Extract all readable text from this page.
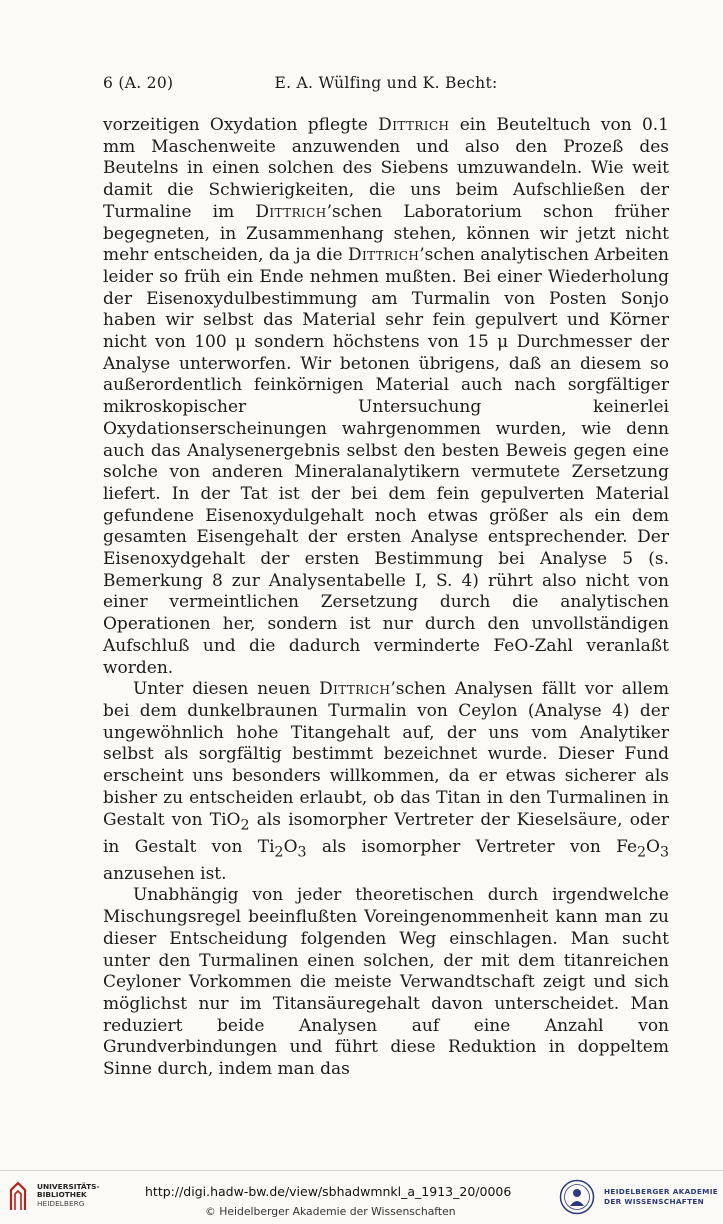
6 (A. 20)	E. A. Wülfing und K. Becht:

vorzeitigen Oxydation pflegte Dittrich ein Beuteltuch von 0.1 mm Maschenweite anzuwenden und also den Prozeß des Beutelns in einen solchen des Siebens umzuwandeln. Wie weit damit die Schwierigkeiten, die uns beim Aufschließen der Turmaline im Dittrich’schen Laboratorium schon früher begegneten, in Zusammenhang stehen, können wir jetzt nicht mehr entscheiden, da ja die Dittrich’schen analytischen Arbeiten leider so früh ein Ende nehmen mußten. Bei einer Wiederholung der Eisenoxydulbestimmung am Turmalin von Posten Sonjo haben wir selbst das Material sehr fein gepulvert und Körner nicht von 100 μ sondern höchstens von 15 μ Durchmesser der Analyse unterworfen. Wir betonen übrigens, daß an diesem so außerordentlich feinkörnigen Material auch nach sorgfältiger mikroskopischer Untersuchung keinerlei Oxydationserscheinungen wahrgenommen wurden, wie denn auch das Analysenergebnis selbst den besten Beweis gegen eine solche von anderen Mineralanalytikern vermutete Zersetzung liefert. In der Tat ist der bei dem fein gepulverten Material gefundene Eisenoxydulgehalt noch etwas größer als ein dem gesamten Eisengehalt der ersten Analyse entsprechender. Der Eisenoxydgehalt der ersten Bestimmung bei Analyse 5 (s. Bemerkung 8 zur Analysentabelle I, S. 4) rührt also nicht von einer vermeintlichen Zersetzung durch die analytischen Operationen her, sondern ist nur durch den unvollständigen Aufschluß und die dadurch verminderte FeO-Zahl veranlaßt worden.

Unter diesen neuen Dittrich’schen Analysen fällt vor allem bei dem dunkelbraunen Turmalin von Ceylon (Analyse 4) der ungewöhnlich hohe Titangehalt auf, der uns vom Analytiker selbst als sorgfältig bestimmt bezeichnet wurde. Dieser Fund erscheint uns besonders willkommen, da er etwas sicherer als bisher zu entscheiden erlaubt, ob das Titan in den Turmalinen in Gestalt von TiO$_2$ als isomorpher Vertreter der Kieselsäure, oder in Gestalt von $Ti_2O_3$ als isomorpher Vertreter von $Fe_2O_3$ anzusehen ist.

Unabhängig von jeder theoretischen durch irgendwelche Mischungsregel beeinflußten Voreingenommenheit kann man zu dieser Entscheidung folgenden Weg einschlagen. Man sucht unter den Turmalinen einen solchen, der mit dem titanreichen Ceyloner Vorkommen die meiste Verwandtschaft zeigt und sich möglichst nur im Titansäuregehalt davon unterscheidet. Man reduziert beide Analysen auf eine Anzahl von Grundverbindungen und führt diese Reduktion in doppeltem Sinne durch, indem man das

UNIVERSITÄTS-
BIBLIOTHEK
HEIDELBERG
http://digi.hadw-bw.de/view/sbhadwmnkl_a_1913_20/0006
© Heidelberger Akademie der Wissenschaften
HEIDELBERGER AKADEMIE
DER WISSENSCHAFTEN
